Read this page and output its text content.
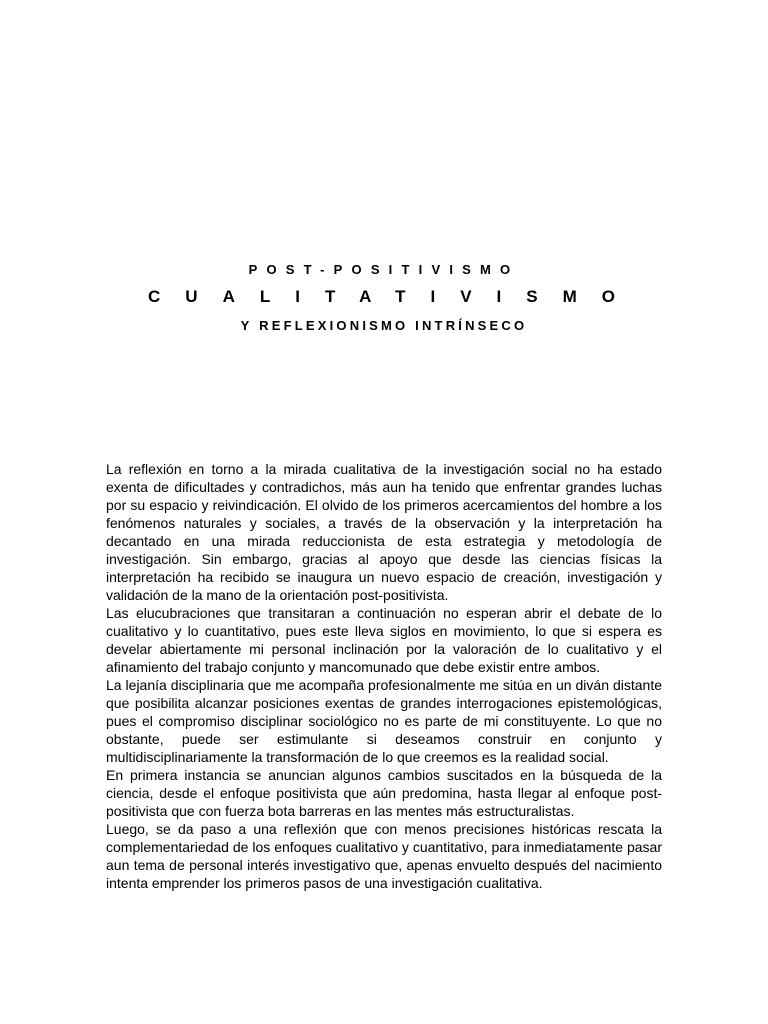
POST-POSITIVISMO
CUALITATIVISMO
Y REFLEXIONISMO INTRÍNSECO

La reflexión en torno a la mirada cualitativa de la investigación social no ha estado exenta de dificultades y contradichos, más aun ha tenido que enfrentar grandes luchas por su espacio y reivindicación. El olvido de los primeros acercamientos del hombre a los fenómenos naturales y sociales, a través de la observación y la interpretación ha decantado en una mirada reduccionista de esta estrategia y metodología de investigación. Sin embargo, gracias al apoyo que desde las ciencias físicas la interpretación ha recibido se inaugura un nuevo espacio de creación, investigación y validación de la mano de la orientación post-positivista.

Las elucubraciones que transitaran a continuación no esperan abrir el debate de lo cualitativo y lo cuantitativo, pues este lleva siglos en movimiento, lo que si espera es develar abiertamente mi personal inclinación por la valoración de lo cualitativo y el afinamiento del trabajo conjunto y mancomunado que debe existir entre ambos.

La lejanía disciplinaria que me acompaña profesionalmente me sitúa en un diván distante que posibilita alcanzar posiciones exentas de grandes interrogaciones epistemológicas, pues el compromiso disciplinar sociológico no es parte de mi constituyente. Lo que no obstante, puede ser estimulante si deseamos construir en conjunto y multidisciplinariamente la transformación de lo que creemos es la realidad social.

En primera instancia se anuncian algunos cambios suscitados en la búsqueda de la ciencia, desde el enfoque positivista que aún predomina, hasta llegar al enfoque post-positivista que con fuerza bota barreras en las mentes más estructuralistas.

Luego, se da paso a una reflexión que con menos precisiones históricas rescata la complementariedad de los enfoques cualitativo y cuantitativo, para inmediatamente pasar aun tema de personal interés investigativo que, apenas envuelto después del nacimiento intenta emprender los primeros pasos de una investigación cualitativa.
